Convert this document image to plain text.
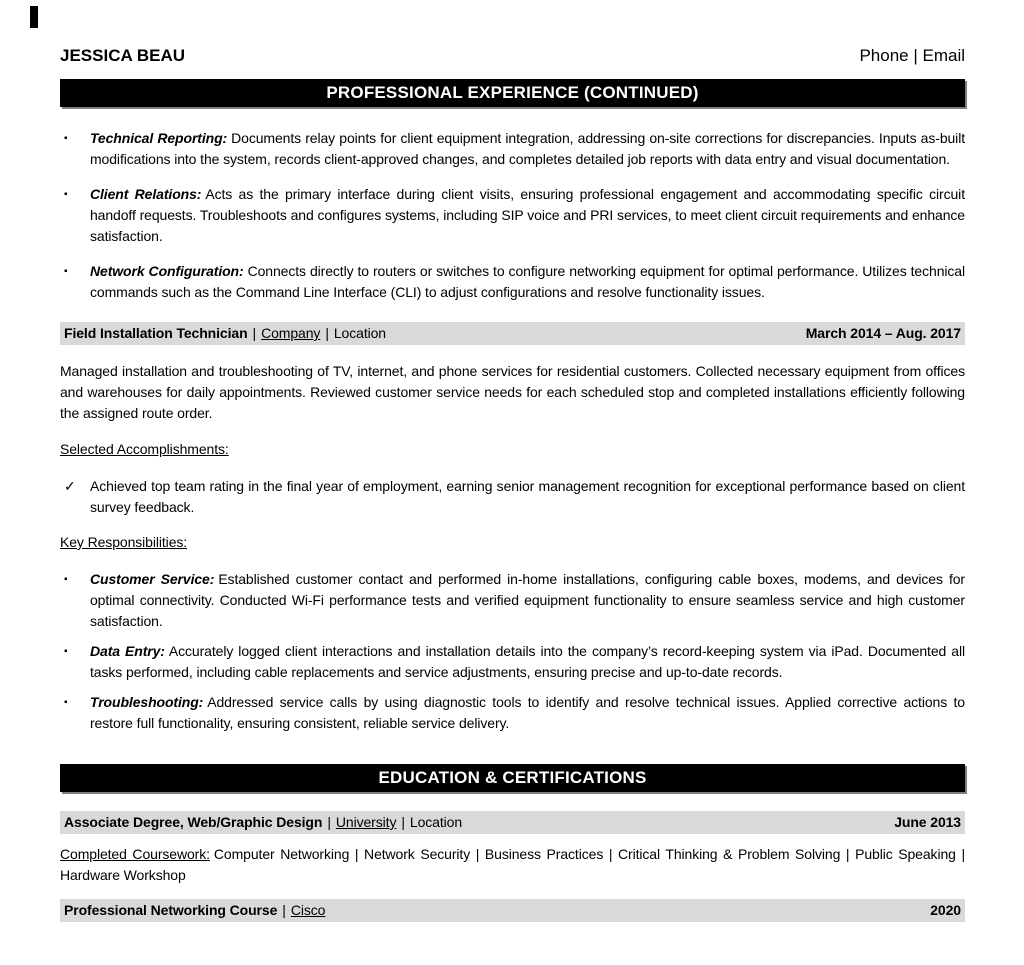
JESSICA BEAU	Phone | Email
PROFESSIONAL EXPERIENCE (CONTINUED)
▪	Technical Reporting: Documents relay points for client equipment integration, addressing on-site corrections for discrepancies. Inputs as-built modifications into the system, records client-approved changes, and completes detailed job reports with data entry and visual documentation.
▪	Client Relations: Acts as the primary interface during client visits, ensuring professional engagement and accommodating specific circuit handoff requests. Troubleshoots and configures systems, including SIP voice and PRI services, to meet client circuit requirements and enhance satisfaction.
▪	Network Configuration: Connects directly to routers or switches to configure networking equipment for optimal performance. Utilizes technical commands such as the Command Line Interface (CLI) to adjust configurations and resolve functionality issues.
Field Installation Technician | Company | Location	March 2014 – Aug. 2017
Managed installation and troubleshooting of TV, internet, and phone services for residential customers. Collected necessary equipment from offices and warehouses for daily appointments. Reviewed customer service needs for each scheduled stop and completed installations efficiently following the assigned route order.
Selected Accomplishments:
✓	Achieved top team rating in the final year of employment, earning senior management recognition for exceptional performance based on client survey feedback.
Key Responsibilities:
▪	Customer Service: Established customer contact and performed in-home installations, configuring cable boxes, modems, and devices for optimal connectivity. Conducted Wi-Fi performance tests and verified equipment functionality to ensure seamless service and high customer satisfaction.
▪	Data Entry: Accurately logged client interactions and installation details into the company’s record-keeping system via iPad. Documented all tasks performed, including cable replacements and service adjustments, ensuring precise and up-to-date records.
▪	Troubleshooting: Addressed service calls by using diagnostic tools to identify and resolve technical issues. Applied corrective actions to restore full functionality, ensuring consistent, reliable service delivery.
EDUCATION & CERTIFICATIONS
Associate Degree, Web/Graphic Design | University | Location	June 2013
Completed Coursework: Computer Networking | Network Security | Business Practices | Critical Thinking & Problem Solving | Public Speaking | Hardware Workshop
Professional Networking Course | Cisco	2020
